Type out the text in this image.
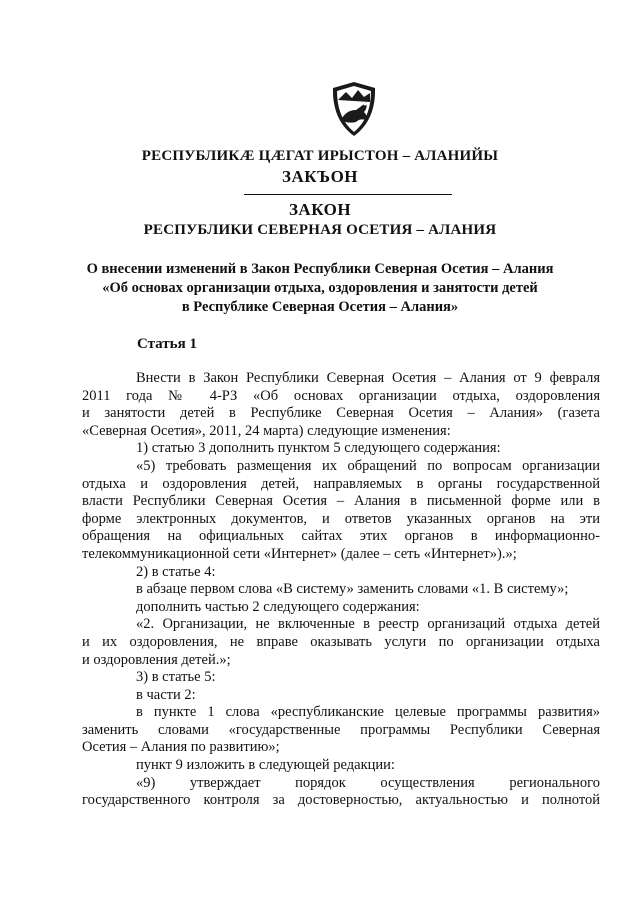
РЕСПУБЛИКÆ ЦÆГАТ ИРЫСТОН – АЛАНИЙЫ
ЗАКЪОН
ЗАКОН
РЕСПУБЛИКИ СЕВЕРНАЯ ОСЕТИЯ – АЛАНИЯ
О внесении изменений в Закон Республики Северная Осетия – Алания
«Об основах организации отдыха, оздоровления и занятости детей
в Республике Северная Осетия – Алания»
Статья 1

Внести в Закон Республики Северная Осетия – Алания от 9 февраля

2011 года № 4-РЗ «Об основах организации отдыха, оздоровления

и занятости детей в Республике Северная Осетия – Алания» (газета

«Северная Осетия», 2011, 24 марта) следующие изменения:

1) статью 3 дополнить пунктом 5 следующего содержания:

«5) требовать размещения их обращений по вопросам организации

отдыха и оздоровления детей, направляемых в органы государственной

власти Республики Северная Осетия – Алания в письменной форме или в

форме электронных документов, и ответов указанных органов на эти

обращения на официальных сайтах этих органов в информационно-

телекоммуникационной сети «Интернет» (далее – сеть «Интернет»).»;

2) в статье 4:

в абзаце первом слова «В систему» заменить словами «1. В систему»;

дополнить частью 2 следующего содержания:

«2. Организации, не включенные в реестр организаций отдыха детей

и их оздоровления, не вправе оказывать услуги по организации отдыха

и оздоровления детей.»;

3) в статье 5:

в части 2:

в пункте 1 слова «республиканские целевые программы развития»

заменить словами «государственные программы Республики Северная

Осетия – Алания по развитию»;

пункт 9 изложить в следующей редакции:

«9) утверждает порядок осуществления регионального

государственного контроля за достоверностью, актуальностью и полнотой
